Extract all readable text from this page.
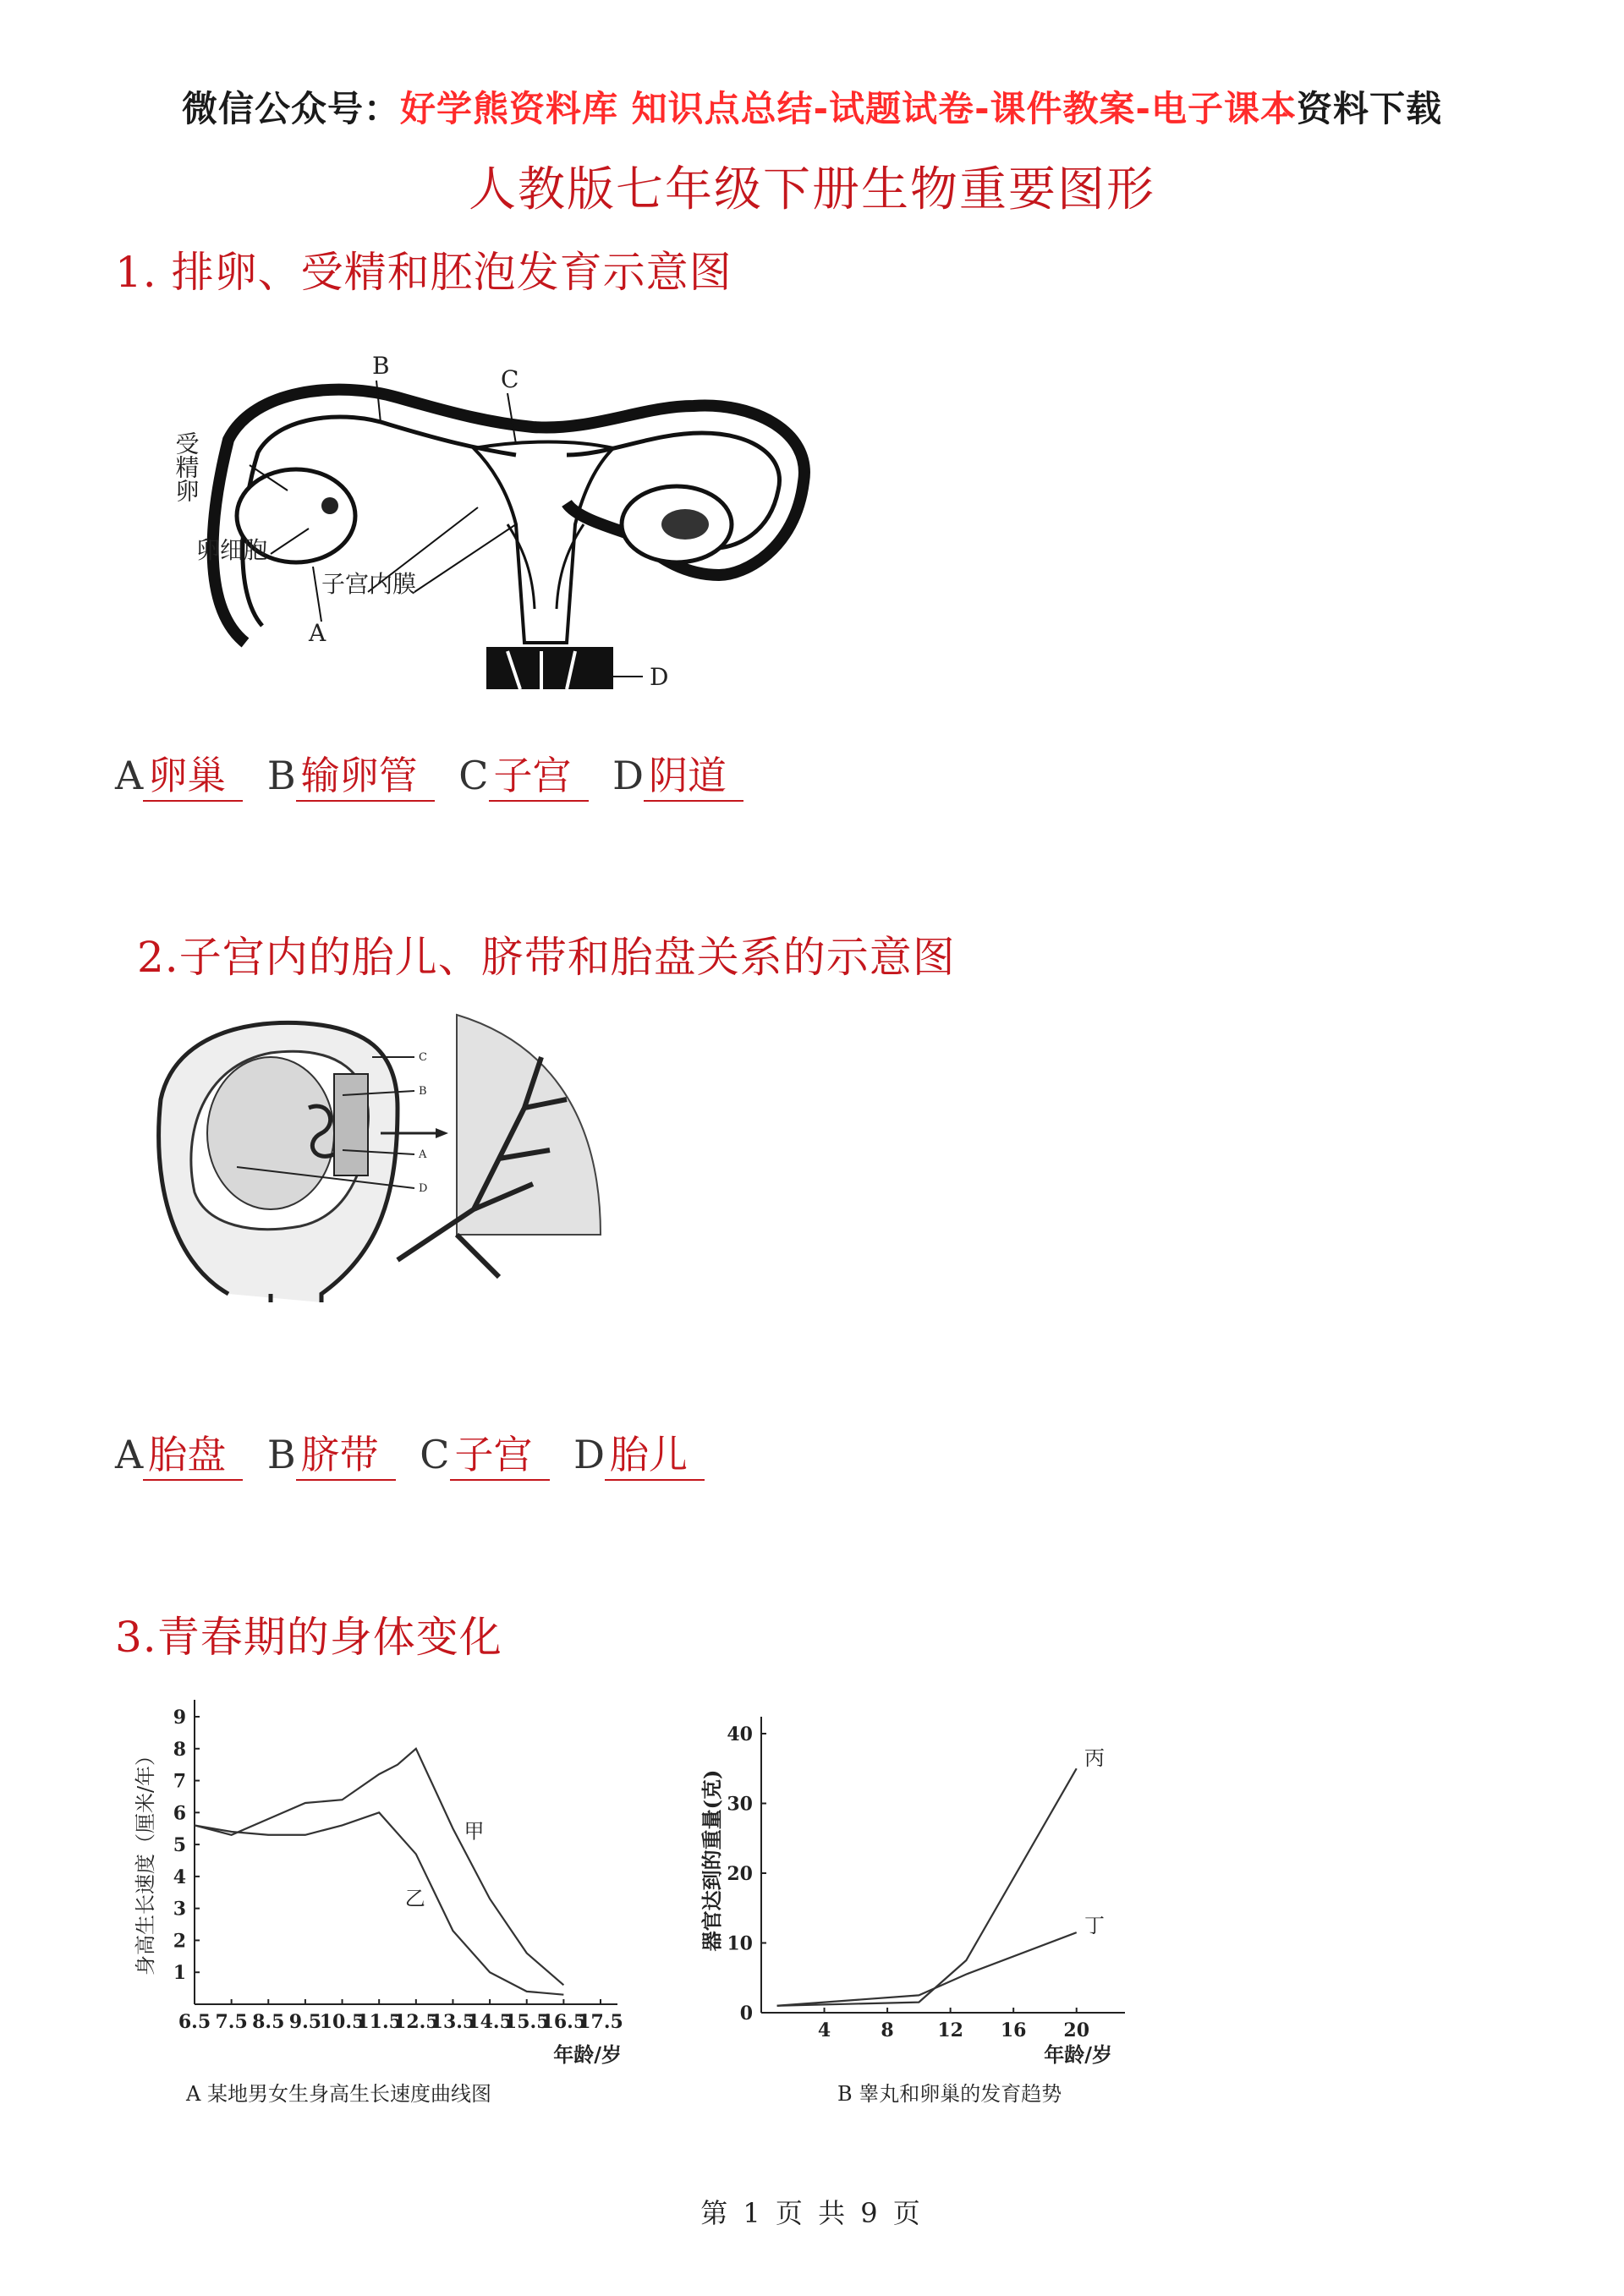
微信公众号：好学熊资料库 知识点总结-试题试卷-课件教案-电子课本资料下载
人教版七年级下册生物重要图形
1. 排卵、受精和胚泡发育示意图
B	C
A
D
受精卵
卵细胞
子宫内膜
A 卵巢 B 输卵管 C 子宫 D 阴道
2.子宫内的胎儿、脐带和胎盘关系的示意图
C
B
A
D
A 胎盘 B 脐带 C 子宫 D 胎儿
3.青春期的身体变化
6.5 7.5 8.5 9.5
10.5
11.5
12.5
13.5
14.5
15.5
16.5
17.5
1
2
3
4
5
6
7
8
9
甲
乙
身高生长速度（厘米/年）
年龄/岁
A 某地男女生身高生长速度曲线图
4	8 12 16 20
0
10
20
30
40
丙
丁
器官达到的重量(克)
年龄/岁
B 睾丸和卵巢的发育趋势
第 1 页 共 9 页
